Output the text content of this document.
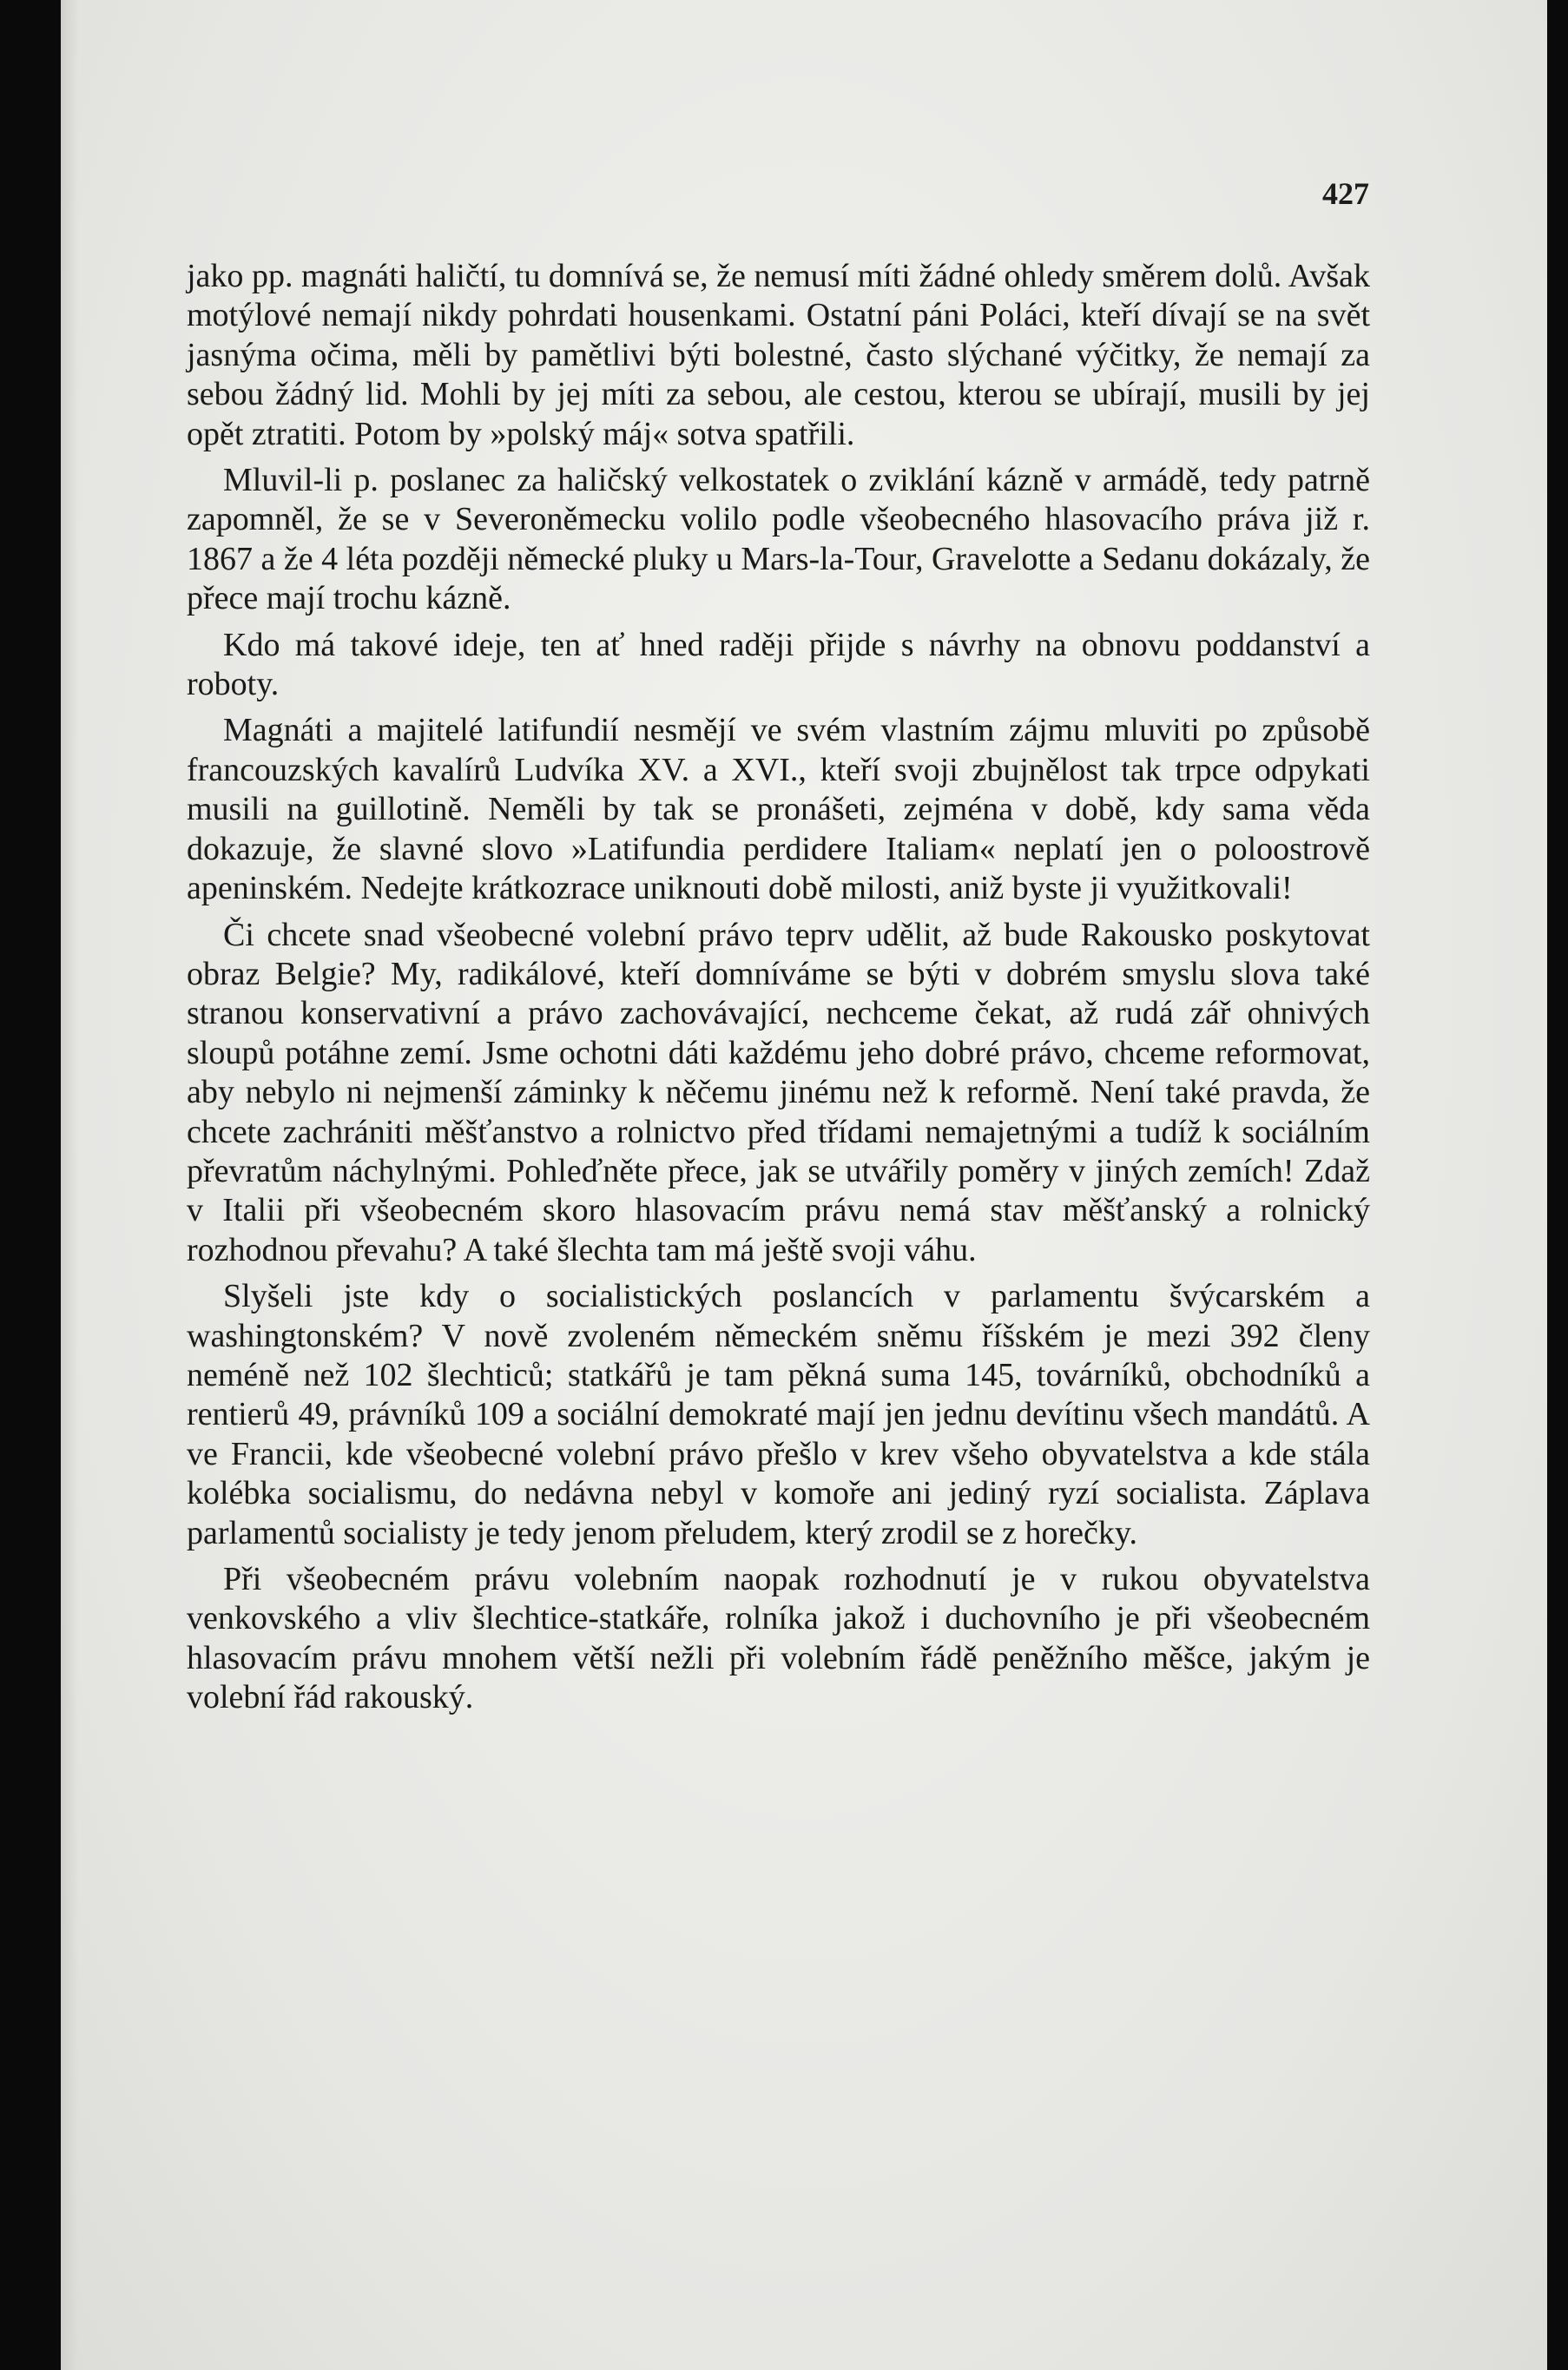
427

jako pp. magnáti haličtí, tu domnívá se, že nemusí míti žádné ohledy směrem dolů. Avšak motýlové nemají nikdy pohrdati housenkami. Ostatní páni Poláci, kteří dívají se na svět jasnýma očima, měli by pamětlivi býti bolestné, často slýchané výčitky, že nemají za sebou žádný lid. Mohli by jej míti za sebou, ale cestou, kterou se ubírají, musili by jej opět ztratiti. Potom by »polský máj« sotva spatřili.

Mluvil-li p. poslanec za haličský velkostatek o zviklání kázně v armádě, tedy patrně zapomněl, že se v Severoněmecku volilo podle všeobecného hlasovacího práva již r. 1867 a že 4 léta později německé pluky u Mars-la-Tour, Gravelotte a Sedanu dokázaly, že přece mají trochu kázně.

Kdo má takové ideje, ten ať hned raději přijde s návrhy na obnovu poddanství a roboty.

Magnáti a majitelé latifundií nesmějí ve svém vlastním zájmu mluviti po způsobě francouzských kavalírů Ludvíka XV. a XVI., kteří svoji zbujnělost tak trpce odpykati musili na guillotině. Neměli by tak se pronášeti, zejména v době, kdy sama věda dokazuje, že slavné slovo »Latifundia perdidere Italiam« neplatí jen o poloostrově apeninském. Nedejte krátkozrace uniknouti době milosti, aniž byste ji využitkovali!

Či chcete snad všeobecné volební právo teprv udělit, až bude Rakousko poskytovat obraz Belgie? My, radikálové, kteří domníváme se býti v dobrém smyslu slova také stranou konservativní a právo zachovávající, nechceme čekat, až rudá zář ohnivých sloupů potáhne zemí. Jsme ochotni dáti každému jeho dobré právo, chceme reformovat, aby nebylo ni nejmenší záminky k něčemu jinému než k reformě. Není také pravda, že chcete zachrániti měšťanstvo a rolnictvo před třídami nemajetnými a tudíž k sociálním převratům náchylnými. Pohleďněte přece, jak se utvářily poměry v jiných zemích! Zdaž v Italii při všeobecném skoro hlasovacím právu nemá stav měšťanský a rolnický rozhodnou převahu? A také šlechta tam má ještě svoji váhu.

Slyšeli jste kdy o socialistických poslancích v parlamentu švýcarském a washingtonském? V nově zvoleném německém sněmu říšském je mezi 392 členy neméně než 102 šlechticů; statkářů je tam pěkná suma 145, továrníků, obchodníků a rentierů 49, právníků 109 a sociální demokraté mají jen jednu devítinu všech mandátů. A ve Francii, kde všeobecné volební právo přešlo v krev všeho obyvatelstva a kde stála kolébka socialismu, do nedávna nebyl v komoře ani jediný ryzí socialista. Záplava parlamentů socialisty je tedy jenom přeludem, který zrodil se z horečky.

Při všeobecném právu volebním naopak rozhodnutí je v rukou obyvatelstva venkovského a vliv šlechtice-statkáře, rolníka jakož i duchovního je při všeobecném hlasovacím právu mnohem větší nežli při volebním řádě peněžního měšce, jakým je volební řád rakouský.
